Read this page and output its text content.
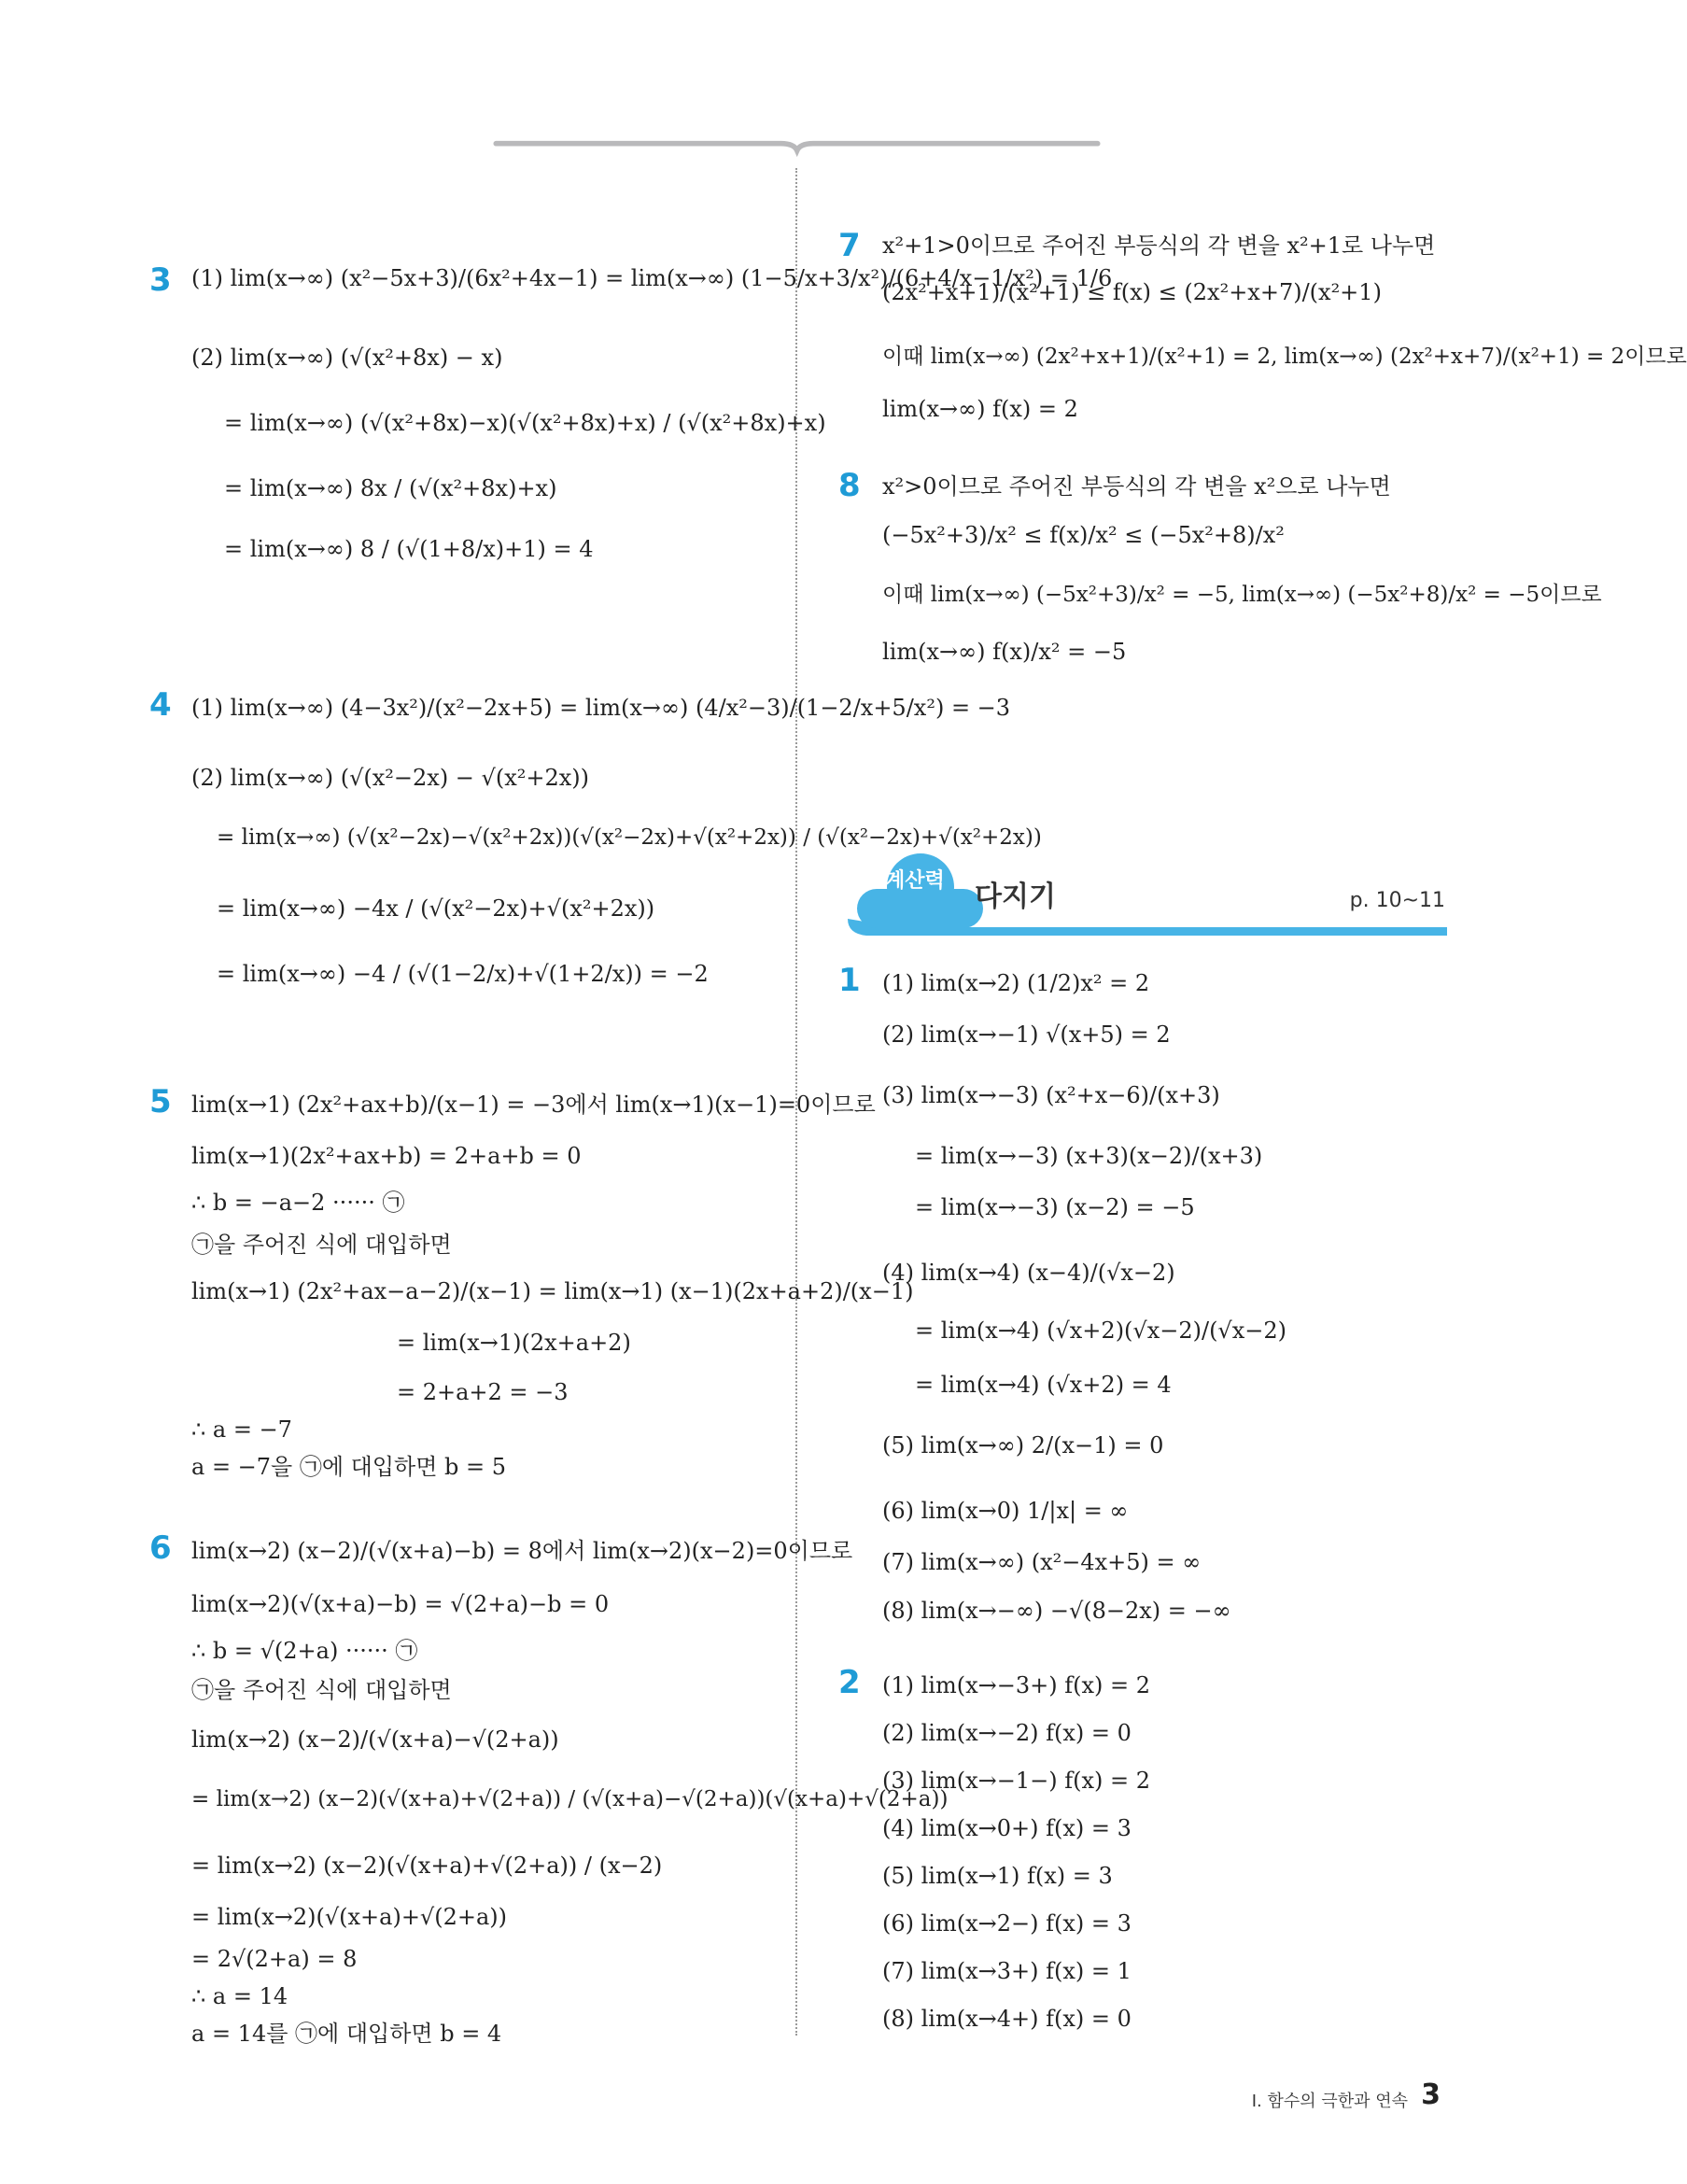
3 (1) lim(x→∞) (x²−5x+3)/(6x²+4x−1) = lim(x→∞) (1−5/x+3/x²)/(6+4/x−1/x²) = 1/6
(2) lim(x→∞) (√(x²+8x) − x)
= lim(x→∞) (√(x²+8x)−x)(√(x²+8x)+x) / (√(x²+8x)+x)
= lim(x→∞) 8x / (√(x²+8x)+x)
= lim(x→∞) 8 / (√(1+8/x)+1) = 4
4 (1) lim(x→∞) (4−3x²)/(x²−2x+5) = lim(x→∞) (4/x²−3)/(1−2/x+5/x²) = −3
(2) lim(x→∞) (√(x²−2x) − √(x²+2x))
= lim(x→∞) (√(x²−2x)−√(x²+2x))(√(x²−2x)+√(x²+2x)) / (√(x²−2x)+√(x²+2x))
= lim(x→∞) −4x / (√(x²−2x)+√(x²+2x))
= lim(x→∞) −4 / (√(1−2/x)+√(1+2/x)) = −2
5 lim(x→1) (2x²+ax+b)/(x−1) = −3에서 lim(x→1)(x−1)=0이므로
lim(x→1)(2x²+ax+b) = 2+a+b = 0
∴ b = −a−2 ······ ㉠
㉠을 주어진 식에 대입하면
lim(x→1) (2x²+ax−a−2)/(x−1) = lim(x→1) (x−1)(2x+a+2)/(x−1)
= lim(x→1)(2x+a+2)
= 2+a+2 = −3
∴ a = −7
a = −7을 ㉠에 대입하면 b = 5
6 lim(x→2) (x−2)/(√(x+a)−b) = 8에서 lim(x→2)(x−2)=0이므로
lim(x→2)(√(x+a)−b) = √(2+a)−b = 0
∴ b = √(2+a) ······ ㉠
㉠을 주어진 식에 대입하면
lim(x→2) (x−2)/(√(x+a)−√(2+a))
= lim(x→2) (x−2)(√(x+a)+√(2+a)) / (√(x+a)−√(2+a))(√(x+a)+√(2+a))
= lim(x→2) (x−2)(√(x+a)+√(2+a)) / (x−2)
= lim(x→2)(√(x+a)+√(2+a))
= 2√(2+a) = 8
∴ a = 14
a = 14를 ㉠에 대입하면 b = 4
7 x²+1>0이므로 주어진 부등식의 각 변을 x²+1로 나누면
(2x²+x+1)/(x²+1) ≤ f(x) ≤ (2x²+x+7)/(x²+1)
이때 lim(x→∞) (2x²+x+1)/(x²+1) = 2, lim(x→∞) (2x²+x+7)/(x²+1) = 2이므로
lim(x→∞) f(x) = 2
8 x²>0이므로 주어진 부등식의 각 변을 x²으로 나누면
(−5x²+3)/x² ≤ f(x)/x² ≤ (−5x²+8)/x²
이때 lim(x→∞) (−5x²+3)/x² = −5, lim(x→∞) (−5x²+8)/x² = −5이므로
lim(x→∞) f(x)/x² = −5
계산력 다지기	p. 10~11
1 (1) lim(x→2) (1/2)x² = 2
(2) lim(x→−1) √(x+5) = 2
(3) lim(x→−3) (x²+x−6)/(x+3)
= lim(x→−3) (x+3)(x−2)/(x+3)
= lim(x→−3) (x−2) = −5
(4) lim(x→4) (x−4)/(√x−2)
= lim(x→4) (√x+2)(√x−2)/(√x−2)
= lim(x→4) (√x+2) = 4
(5) lim(x→∞) 2/(x−1) = 0
(6) lim(x→0) 1/|x| = ∞
(7) lim(x→∞) (x²−4x+5) = ∞
(8) lim(x→−∞) −√(8−2x) = −∞
2 (1) lim(x→−3+) f(x) = 2
(2) lim(x→−2) f(x) = 0
(3) lim(x→−1−) f(x) = 2
(4) lim(x→0+) f(x) = 3
(5) lim(x→1) f(x) = 3
(6) lim(x→2−) f(x) = 3
(7) lim(x→3+) f(x) = 1
(8) lim(x→4+) f(x) = 0
Ⅰ. 함수의 극한과 연속 3
